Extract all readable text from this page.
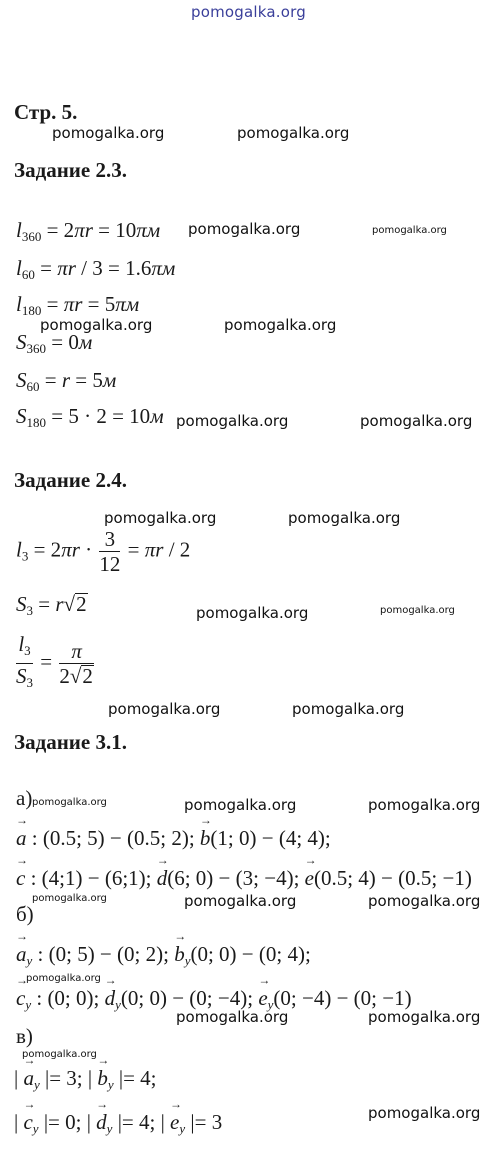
pomogalka.org
Стр. 5.
pomogalka.org	pomogalka.org
pomogalka.org	pomogalka.org
pomogalka.org	pomogalka.org
pomogalka.org	pomogalka.org
pomogalka.org	pomogalka.org
pomogalka.org	pomogalka.org
pomogalka.org	pomogalka.org
pomogalka.org	pomogalka.org	pomogalka.org
pomogalka.org	pomogalka.org	pomogalka.org
pomogalka.org
pomogalka.org	pomogalka.org
pomogalka.org
pomogalka.org
Задание 2.3.
$l_{360} = 2\pi r = 10\pi м$
$l_{60} = \pi r / 3 = 1.6\pi м$
$l_{180} = \pi r = 5\pi м$
$S_{360} = 0м$
$S_{60} = r = 5м$
$S_{180} = 5 \cdot 2 = 10м$
Задание 2.4.
$l_3 = 2\pi r \cdot \frac{3}{12} = \pi r / 2$
$S_3 = r√2$
$\frac{l_3}{S_3} = \frac{\pi}{2√2}$
Задание 3.1.
а)
→ a : (0.5; 5) − (0.5; 2); → b(1; 0) − (4; 4);
→ c : (4;1) − (6;1); → d(6; 0) − (3; −4); → e(0.5; 4) − (0.5; −1)
б)
→ $a_y$ : (0; 5) − (0; 2); → $b_y(0$; 0) − (0; 4);
→ $c_y$ : (0; 0); → $d_y(0$; 0) − (0; −4); → $e_y(0$; −4) − (0; −1)
в)
| → $a_y$ |= 3; | → $b_y$ |= 4;
| → $c_y$ |= 0; | → $d_y$ |= 4; | → $e_y$ |= 3
